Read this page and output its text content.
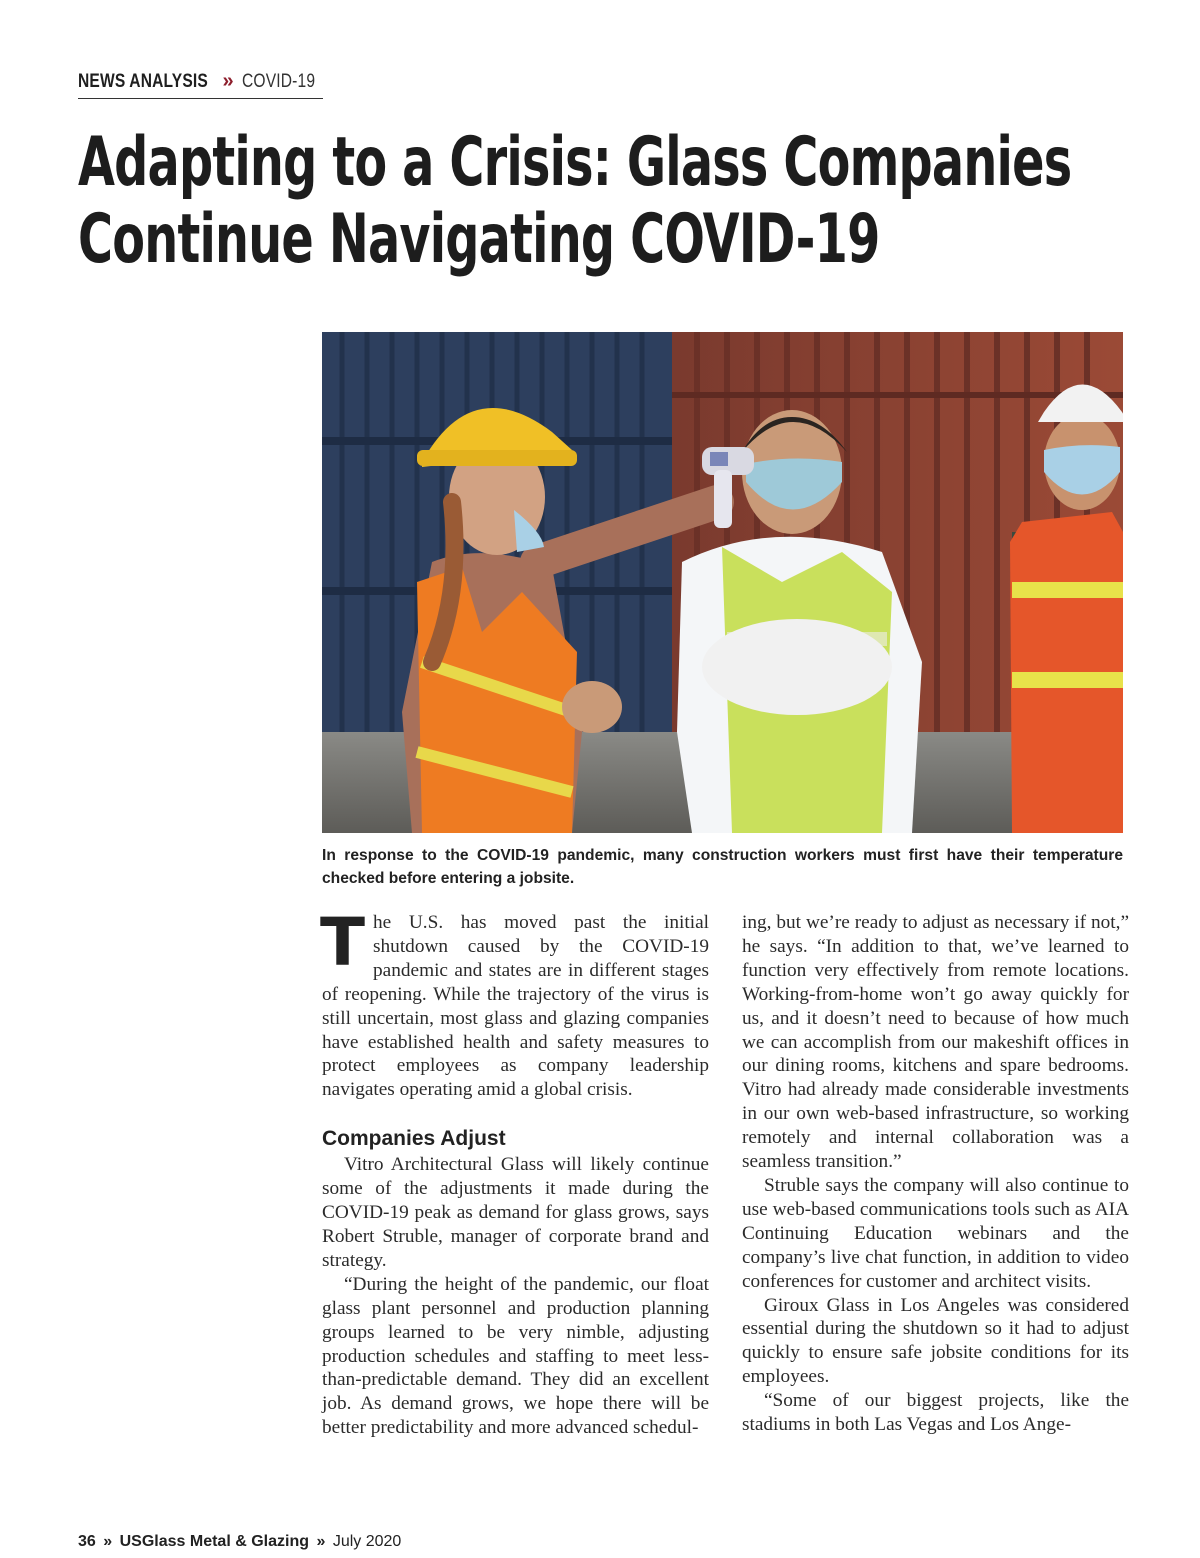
NEWS ANALYSIS » COVID-19
Adapting to a Crisis: Glass Companies
Continue Navigating COVID-19

In response to the COVID-19 pandemic, many construction workers must first have their temperature checked before entering a jobsite.

The U.S. has moved past the initial shutdown caused by the COVID-19 pandemic and states are in different stages of reopening. While the trajectory of the virus is still uncertain, most glass and glazing companies have established health and safety measures to protect employees as company leadership navigates operating amid a global crisis.

Companies Adjust

Vitro Architectural Glass will likely continue some of the adjustments it made during the COVID-19 peak as demand for glass grows, says Robert Struble, manager of corporate brand and strategy.

“During the height of the pandemic, our float glass plant personnel and production planning groups learned to be very nimble, adjusting production schedules and staffing to meet less-than-predictable demand. They did an excellent job. As demand grows, we hope there will be better predictability and more advanced schedul-

ing, but we’re ready to adjust as necessary if not,” he says. “In addition to that, we’ve learned to function very effectively from remote locations. Working-from-home won’t go away quickly for us, and it doesn’t need to because of how much we can accomplish from our makeshift offices in our dining rooms, kitchens and spare bedrooms. Vitro had already made considerable investments in our own web-based infrastructure, so working remotely and internal collaboration was a seamless transition.”

Struble says the company will also continue to use web-based communications tools such as AIA Continuing Education webinars and the company’s live chat function, in addition to video conferences for customer and architect visits.

Giroux Glass in Los Angeles was considered essential during the shutdown so it had to adjust quickly to ensure safe jobsite conditions for its employees.

“Some of our biggest projects, like the stadiums in both Las Vegas and Los Ange-

36 » USGlass Metal & Glazing » July 2020
